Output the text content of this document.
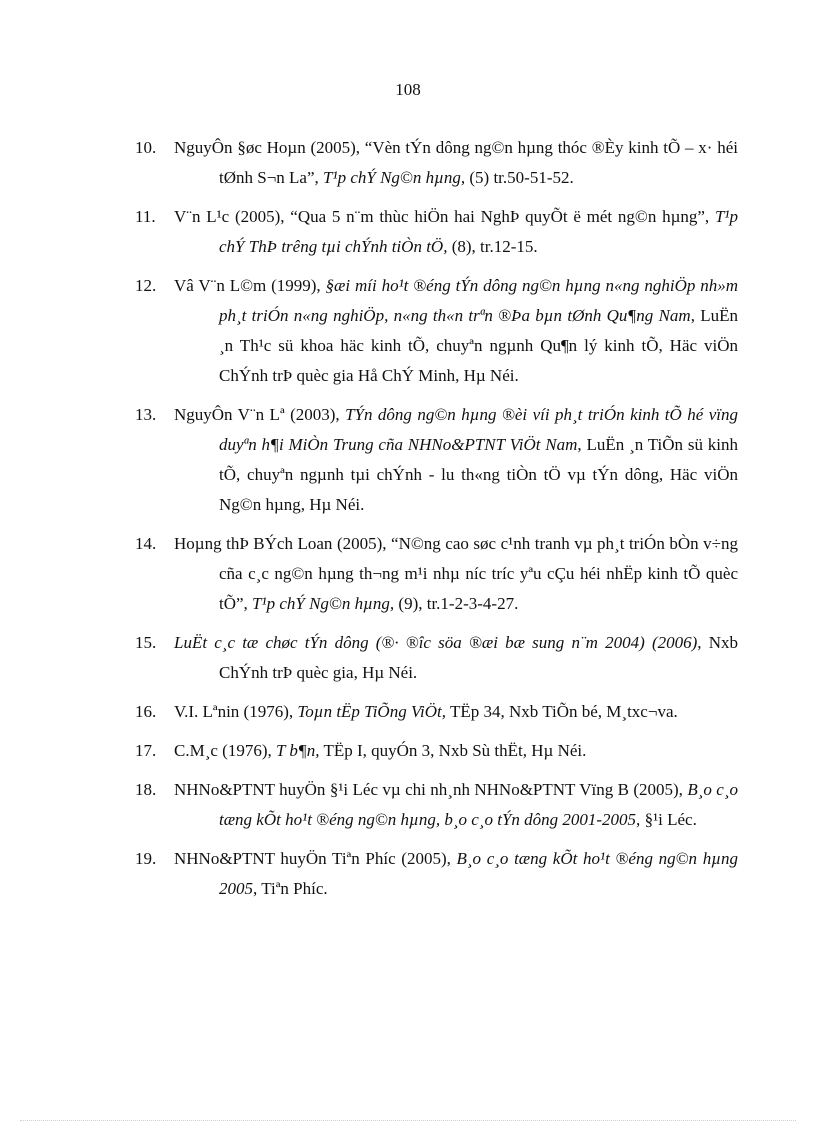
108
10.	NguyÔn §øc Hoµn (2005), “Vèn tÝn dông ng©n hµng thóc ®Èy kinh tÕ – x· héi tØnh S¬n La”, T¹p chÝ Ng©n hµng, (5) tr.50-51-52.
11.	V¨n L¹c (2005), “Qua 5 n¨m thùc hiÖn hai NghÞ quyÕt ë mét ng©n hµng”, T¹p chÝ ThÞ trêng tµi chÝnh tiÒn tÖ, (8), tr.12-15.
12.	Vâ V¨n L©m (1999), §æi míi ho¹t ®éng tÝn dông ng©n hµng n«ng nghiÖp nh»m ph¸t triÓn n«ng nghiÖp, n«ng th«n trªn ®Þa bµn tØnh Qu¶ng Nam, LuËn ¸n Th¹c sü khoa häc kinh tÕ, chuyªn ngµnh Qu¶n lý kinh tÕ, Häc viÖn ChÝnh trÞ quèc gia Hå ChÝ Minh, Hµ Néi.
13.	NguyÔn V¨n Lª (2003), TÝn dông ng©n hµng ®èi víi ph¸t triÓn kinh tÕ hé vïng duyªn h¶i MiÒn Trung cña NHNo&PTNT ViÖt Nam, LuËn ¸n TiÕn sü kinh tÕ, chuyªn ngµnh tµi chÝnh - lu th«ng tiÒn tÖ vµ tÝn dông, Häc viÖn Ng©n hµng, Hµ Néi.
14.	Hoµng thÞ BÝch Loan (2005), “N©ng cao søc c¹nh tranh vµ ph¸t triÓn bÒn v÷ng cña c¸c ng©n hµng th¬ng m¹i nhµ níc tríc yªu cÇu héi nhËp kinh tÕ quèc tÕ”, T¹p chÝ Ng©n hµng, (9), tr.1-2-3-4-27.
15.	LuËt c¸c tæ chøc tÝn dông (®· ®îc söa ®æi bæ sung n¨m 2004) (2006), Nxb ChÝnh trÞ quèc gia, Hµ Néi.
16.	V.I. Lªnin (1976), Toµn tËp TiÕng ViÖt, TËp 34, Nxb TiÕn bé, M¸txc¬va.
17.	C.M¸c (1976), T b¶n, TËp I, quyÓn 3, Nxb Sù thËt, Hµ Néi.
18.	NHNo&PTNT huyÖn §¹i Léc vµ chi nh¸nh NHNo&PTNT Vïng B (2005), B¸o c¸o tæng kÕt ho¹t ®éng ng©n hµng, b¸o c¸o tÝn dông 2001-2005, §¹i Léc.
19.	NHNo&PTNT huyÖn Tiªn Phíc (2005), B¸o c¸o tæng kÕt ho¹t ®éng ng©n hµng 2005, Tiªn Phíc.
